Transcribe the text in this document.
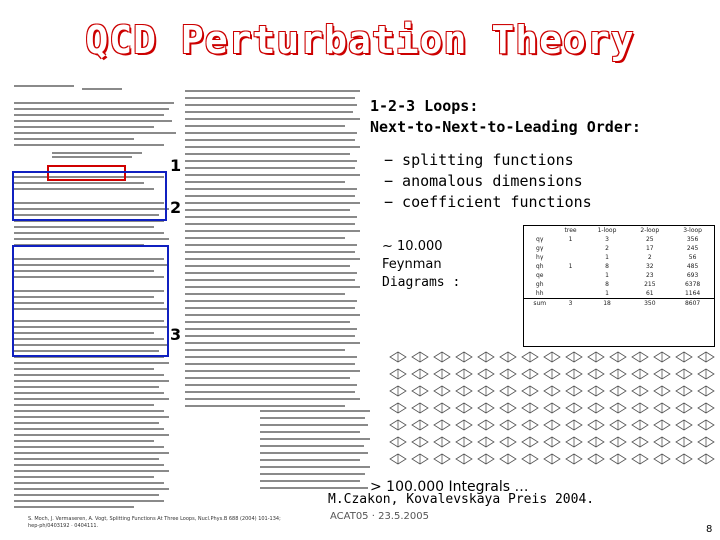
QCD Perturbation Theory
1
2
3
1-2-3 Loops:
Next-to-Next-to-Leading Order:
− splitting functions
− anomalous dimensions
− coefficient functions
~ 10.000
Feynman
Diagrams :
	tree	1-loop	2-loop	3-loop
qγ	1	3	25	356
gγ		2	17	245
hγ		1	2	56
qh	1	8	32	485
qe		1	23	693
gh		8	215	6378
hh		1	61	1164
sum	3	18	350	8607
> 100.000 Integrals …
M.Czakon, Kovalevskaya Preis 2004.
ACAT05 · 23.5.2005
S. Moch, J. Vermaseren, A. Vogt, Splitting Functions At Three Loops, Nucl.Phys.B 688 (2004) 101-134;
hep-ph/0403192 · 0404111.	8
